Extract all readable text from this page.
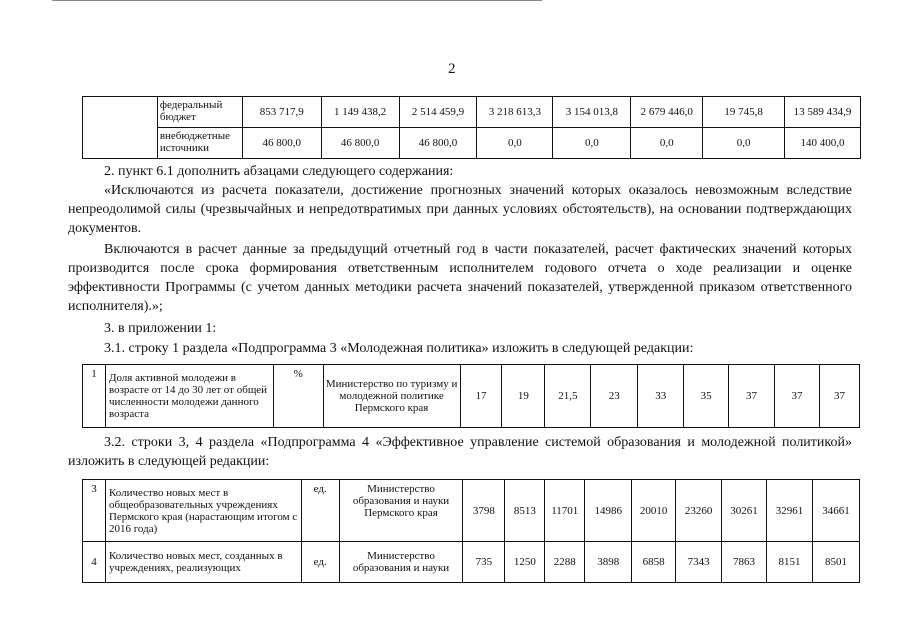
2
	федеральный бюджет	853 717,9	1 149 438,2	2 514 459,9	3 218 613,3	3 154 013,8	2 679 446,0	19 745,8	13 589 434,9
	внебюджетные источники	46 800,0	46 800,0	46 800,0	0,0	0,0	0,0	0,0	140 400,0
2. пункт 6.1 дополнить абзацами следующего содержания:
«Исключаются из расчета показатели, достижение прогнозных значений которых оказалось невозможным вследствие непреодолимой силы (чрезвычайных и непредотвратимых при данных условиях обстоятельств), на основании подтверждающих документов.
Включаются в расчет данные за предыдущий отчетный год в части показателей, расчет фактических значений которых производится после срока формирования ответственным исполнителем годового отчета о ходе реализации и оценке эффективности Программы (с учетом данных методики расчета значений показателей, утвержденной приказом ответственного исполнителя).»;
3. в приложении 1:
3.1. строку 1 раздела «Подпрограмма 3 «Молодежная политика» изложить в следующей редакции:
1	Доля активной молодежи в возрасте от 14 до 30 лет от общей численности молодежи данного возраста	%	Министерство по туризму и молодежной политике Пермского края	17	19	21,5	23	33	35	37	37	37
3.2. строки 3, 4 раздела «Подпрограмма 4 «Эффективное управление системой образования и молодежной политикой» изложить в следующей редакции:
3	Количество новых мест в общеобразовательных учреждениях Пермского края (нарастающим итогом с 2016 года)	ед.	Министерство образования и науки Пермского края	3798	8513	11701	14986	20010	23260	30261	32961	34661
4	Количество новых мест, созданных в учреждениях, реализующих	ед.	Министерство образования и науки	735	1250	2288	3898	6858	7343	7863	8151	8501
